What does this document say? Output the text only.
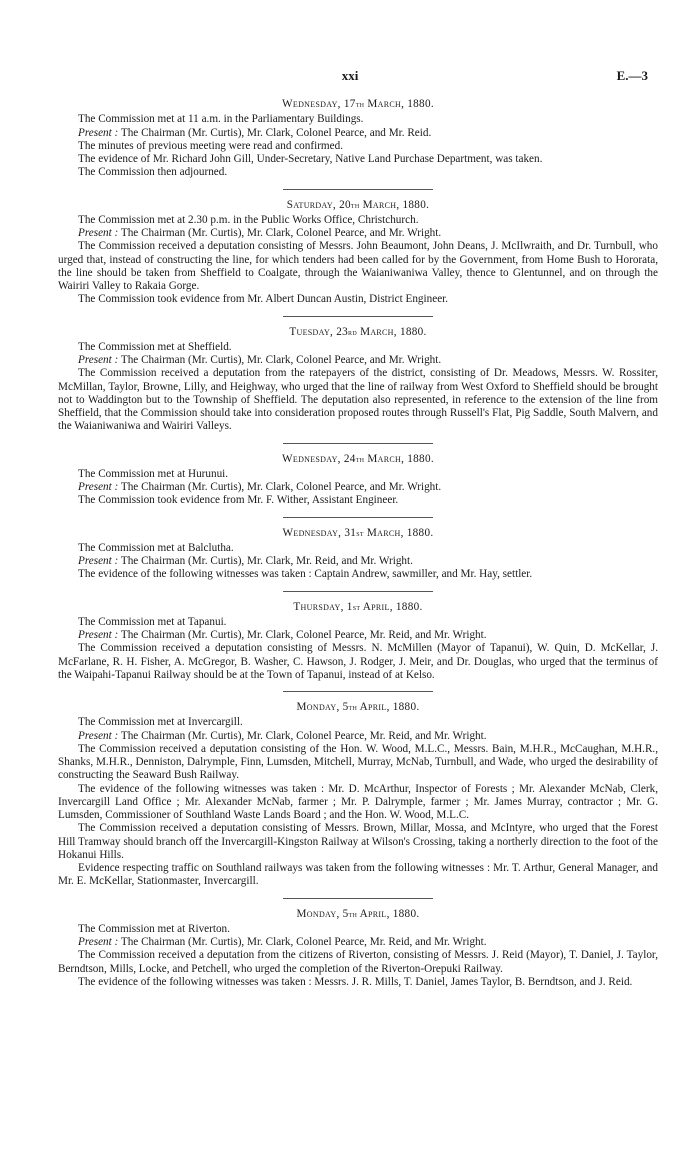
xxi	E.—3
Wednesday, 17th March, 1880.

The Commission met at 11 a.m. in the Parliamentary Buildings.

Present : The Chairman (Mr. Curtis), Mr. Clark, Colonel Pearce, and Mr. Reid.

The minutes of previous meeting were read and confirmed.

The evidence of Mr. Richard John Gill, Under-Secretary, Native Land Purchase Department, was taken.

The Commission then adjourned.

Saturday, 20th March, 1880.

The Commission met at 2.30 p.m. in the Public Works Office, Christchurch.

Present : The Chairman (Mr. Curtis), Mr. Clark, Colonel Pearce, and Mr. Wright.

The Commission received a deputation consisting of Messrs. John Beaumont, John Deans, J. McIlwraith, and Dr. Turnbull, who urged that, instead of constructing the line, for which tenders had been called for by the Government, from Home Bush to Hororata, the line should be taken from Sheffield to Coalgate, through the Waianiwaniwa Valley, thence to Glentunnel, and on through the Wairiri Valley to Rakaia Gorge.

The Commission took evidence from Mr. Albert Duncan Austin, District Engineer.

Tuesday, 23rd March, 1880.

The Commission met at Sheffield.

Present : The Chairman (Mr. Curtis), Mr. Clark, Colonel Pearce, and Mr. Wright.

The Commission received a deputation from the ratepayers of the district, consisting of Dr. Meadows, Messrs. W. Rossiter, McMillan, Taylor, Browne, Lilly, and Heighway, who urged that the line of railway from West Oxford to Sheffield should be brought not to Waddington but to the Township of Sheffield. The deputation also represented, in reference to the extension of the line from Sheffield, that the Commission should take into consideration proposed routes through Russell's Flat, Pig Saddle, South Malvern, and the Waianiwaniwa and Wairiri Valleys.

Wednesday, 24th March, 1880.

The Commission met at Hurunui.

Present : The Chairman (Mr. Curtis), Mr. Clark, Colonel Pearce, and Mr. Wright.

The Commission took evidence from Mr. F. Wither, Assistant Engineer.

Wednesday, 31st March, 1880.

The Commission met at Balclutha.

Present : The Chairman (Mr. Curtis), Mr. Clark, Mr. Reid, and Mr. Wright.

The evidence of the following witnesses was taken : Captain Andrew, sawmiller, and Mr. Hay, settler.

Thursday, 1st April, 1880.

The Commission met at Tapanui.

Present : The Chairman (Mr. Curtis), Mr. Clark, Colonel Pearce, Mr. Reid, and Mr. Wright.

The Commission received a deputation consisting of Messrs. N. McMillen (Mayor of Tapanui), W. Quin, D. McKellar, J. McFarlane, R. H. Fisher, A. McGregor, B. Washer, C. Hawson, J. Rodger, J. Meir, and Dr. Douglas, who urged that the terminus of the Waipahi-Tapanui Railway should be at the Town of Tapanui, instead of at Kelso.

Monday, 5th April, 1880.

The Commission met at Invercargill.

Present : The Chairman (Mr. Curtis), Mr. Clark, Colonel Pearce, Mr. Reid, and Mr. Wright.

The Commission received a deputation consisting of the Hon. W. Wood, M.L.C., Messrs. Bain, M.H.R., McCaughan, M.H.R., Shanks, M.H.R., Denniston, Dalrymple, Finn, Lumsden, Mitchell, Murray, McNab, Turnbull, and Wade, who urged the desirability of constructing the Seaward Bush Railway.

The evidence of the following witnesses was taken : Mr. D. McArthur, Inspector of Forests ; Mr. Alexander McNab, Clerk, Invercargill Land Office ; Mr. Alexander McNab, farmer ; Mr. P. Dalrymple, farmer ; Mr. James Murray, contractor ; Mr. G. Lumsden, Commissioner of Southland Waste Lands Board ; and the Hon. W. Wood, M.L.C.

The Commission received a deputation consisting of Messrs. Brown, Millar, Mossa, and McIntyre, who urged that the Forest Hill Tramway should branch off the Invercargill-Kingston Railway at Wilson's Crossing, taking a northerly direction to the foot of the Hokanui Hills.

Evidence respecting traffic on Southland railways was taken from the following witnesses : Mr. T. Arthur, General Manager, and Mr. E. McKellar, Stationmaster, Invercargill.

Monday, 5th April, 1880.

The Commission met at Riverton.

Present : The Chairman (Mr. Curtis), Mr. Clark, Colonel Pearce, Mr. Reid, and Mr. Wright.

The Commission received a deputation from the citizens of Riverton, consisting of Messrs. J. Reid (Mayor), T. Daniel, J. Taylor, Berndtson, Mills, Locke, and Petchell, who urged the completion of the Riverton-Orepuki Railway.

The evidence of the following witnesses was taken : Messrs. J. R. Mills, T. Daniel, James Taylor, B. Berndtson, and J. Reid.
